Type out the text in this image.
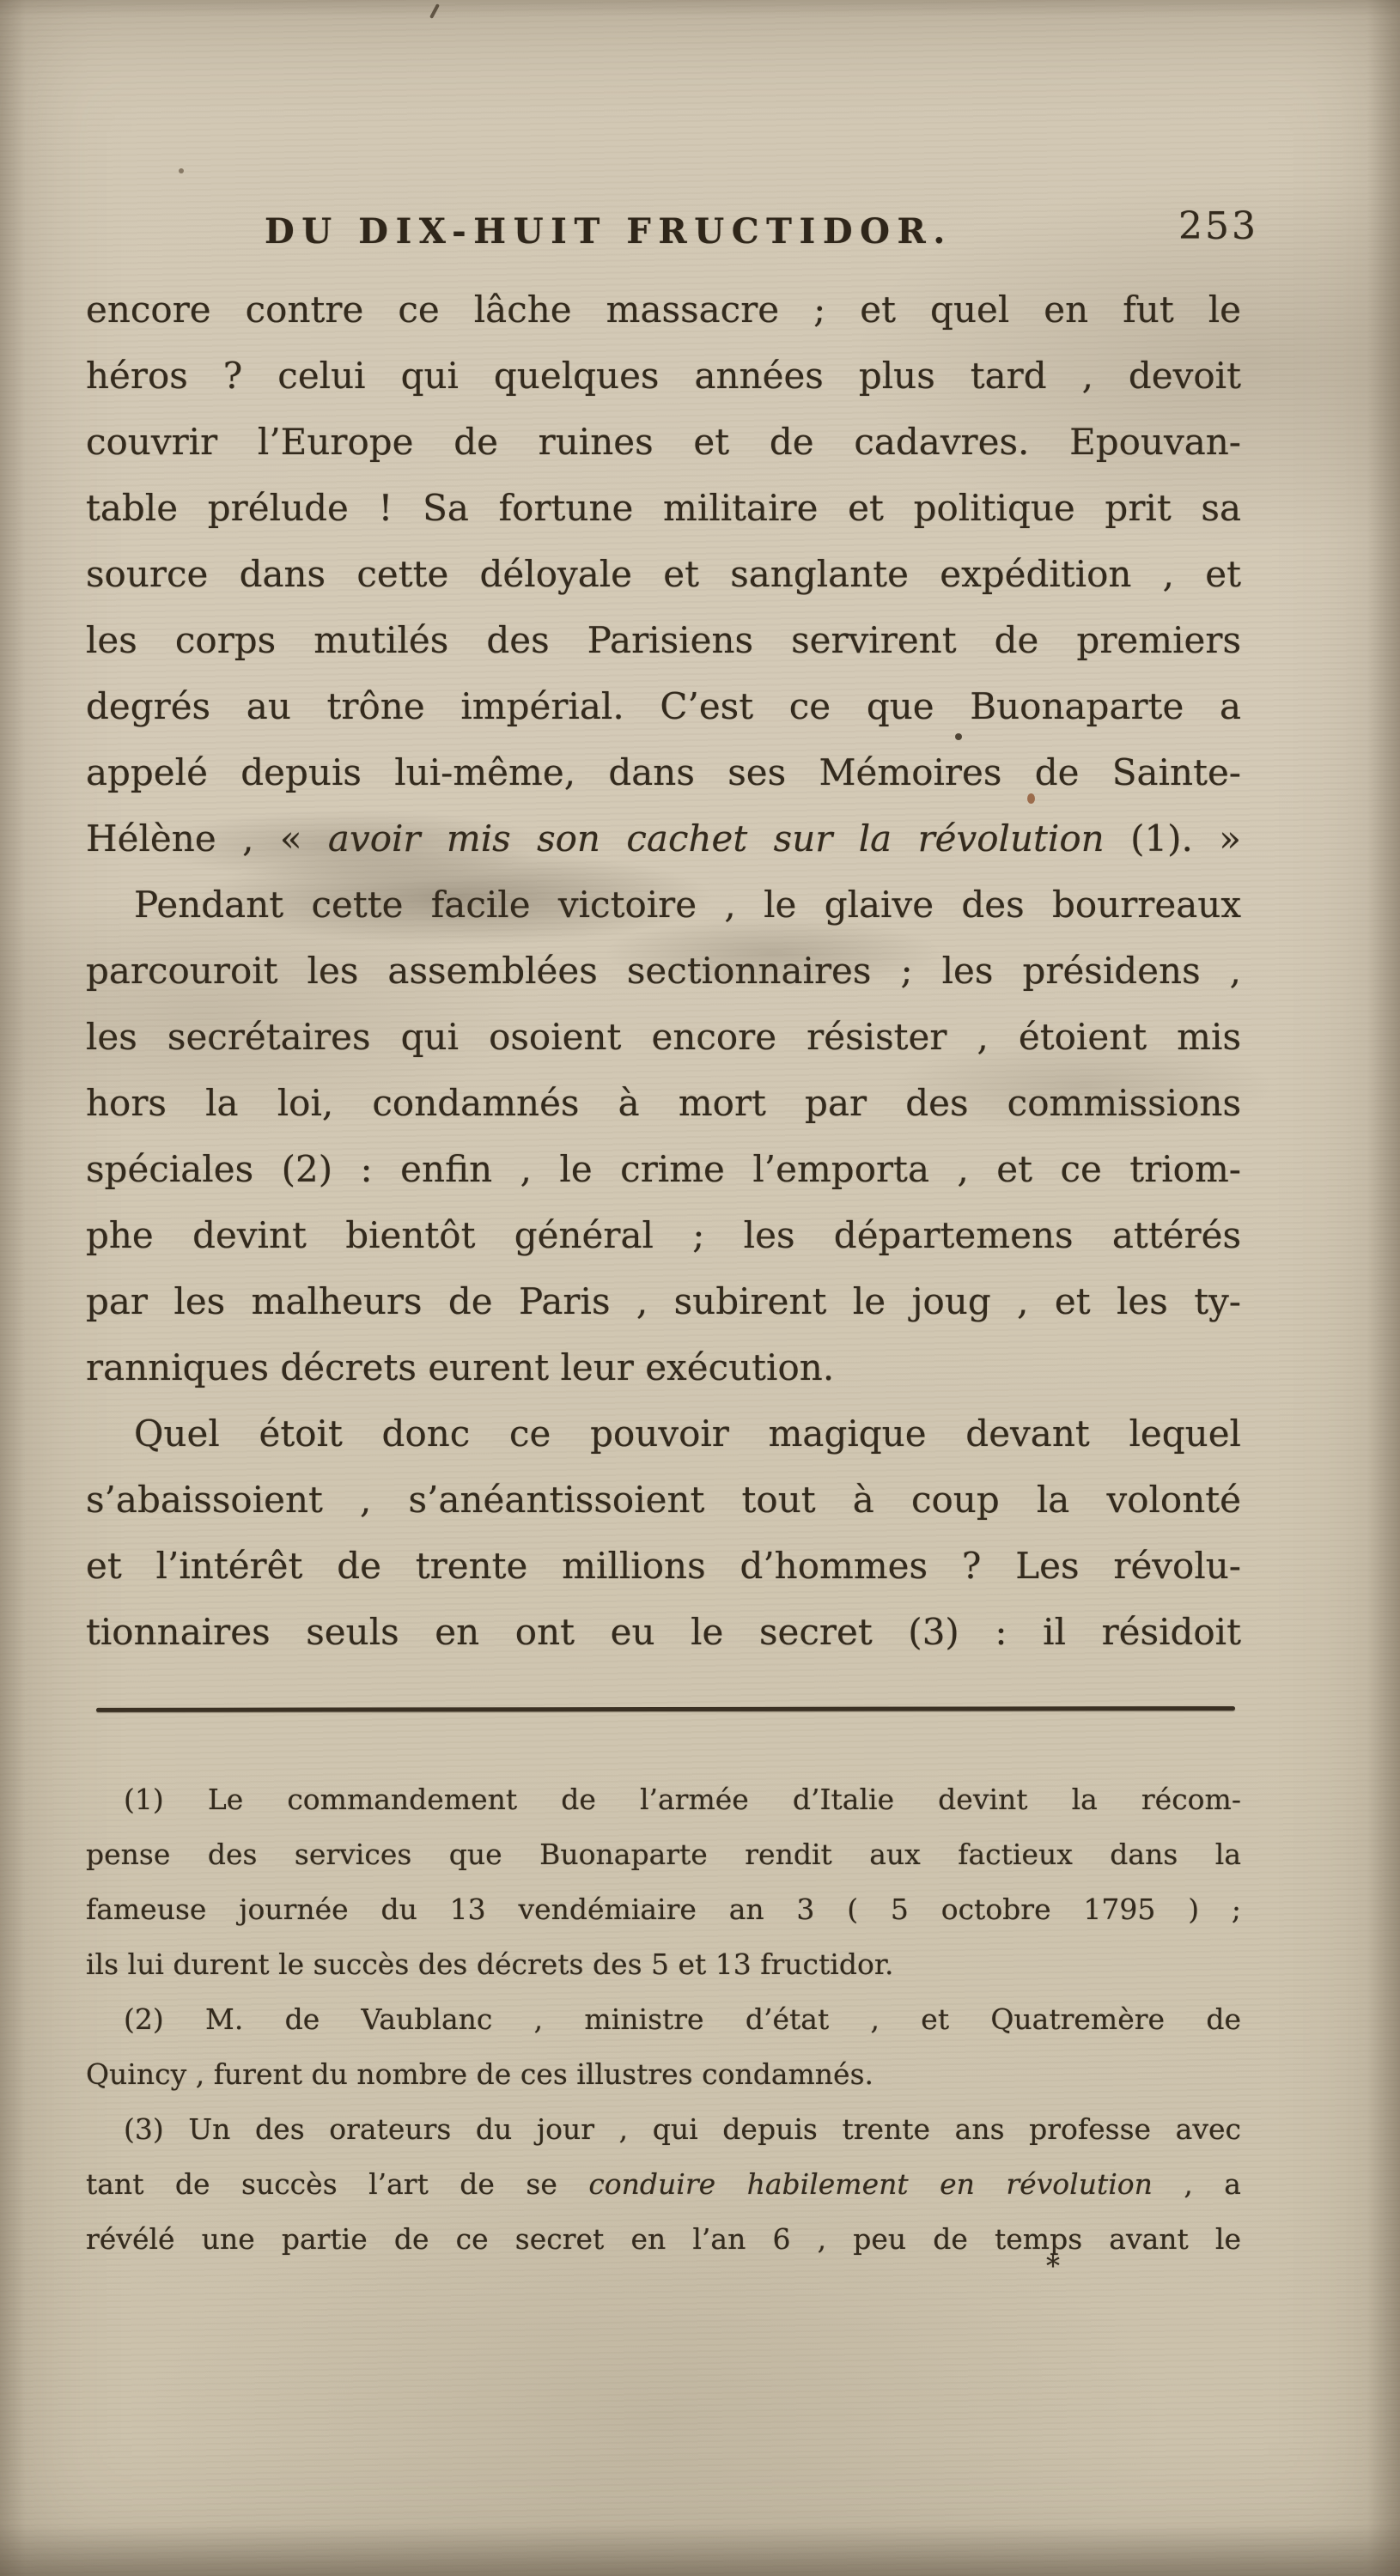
DU DIX-HUIT FRUCTIDOR.	253
encore contre ce lâche massacre ; et quel en fut le
héros ? celui qui quelques années plus tard , devoit
couvrir l’Europe de ruines et de cadavres. Epouvan-
table prélude ! Sa fortune militaire et politique prit sa
source dans cette déloyale et sanglante expédition , et
les corps mutilés des Parisiens servirent de premiers
degrés au trône impérial. C’est ce que Buonaparte a
appelé depuis lui-même, dans ses Mémoires de Sainte-
Hélène , « avoir mis son cachet sur la révolution (1). »
Pendant cette facile victoire , le glaive des bourreaux
parcouroit les assemblées sectionnaires ; les présidens ,
les secrétaires qui osoient encore résister , étoient mis
hors la loi, condamnés à mort par des commissions
spéciales (2) : enfin , le crime l’emporta , et ce triom-
phe devint bientôt général ; les départemens attérés
par les malheurs de Paris , subirent le joug , et les ty-
ranniques décrets eurent leur exécution.
Quel étoit donc ce pouvoir magique devant lequel
s’abaissoient , s’anéantissoient tout à coup la volonté
et l’intérêt de trente millions d’hommes ? Les révolu-
tionnaires seuls en ont eu le secret (3) : il résidoit
(1) Le commandement de l’armée d’Italie devint la récom-
pense des services que Buonaparte rendit aux factieux dans la
fameuse journée du 13 vendémiaire an 3 ( 5 octobre 1795 ) ;
ils lui durent le succès des décrets des 5 et 13 fructidor.
(2) M. de Vaublanc , ministre d’état , et Quatremère de
Quincy , furent du nombre de ces illustres condamnés.
(3) Un des orateurs du jour , qui depuis trente ans professe avec
tant de succès l’art de se conduire habilement en révolution , a
révélé une partie de ce secret en l’an 6 , peu de temps avant le
*
